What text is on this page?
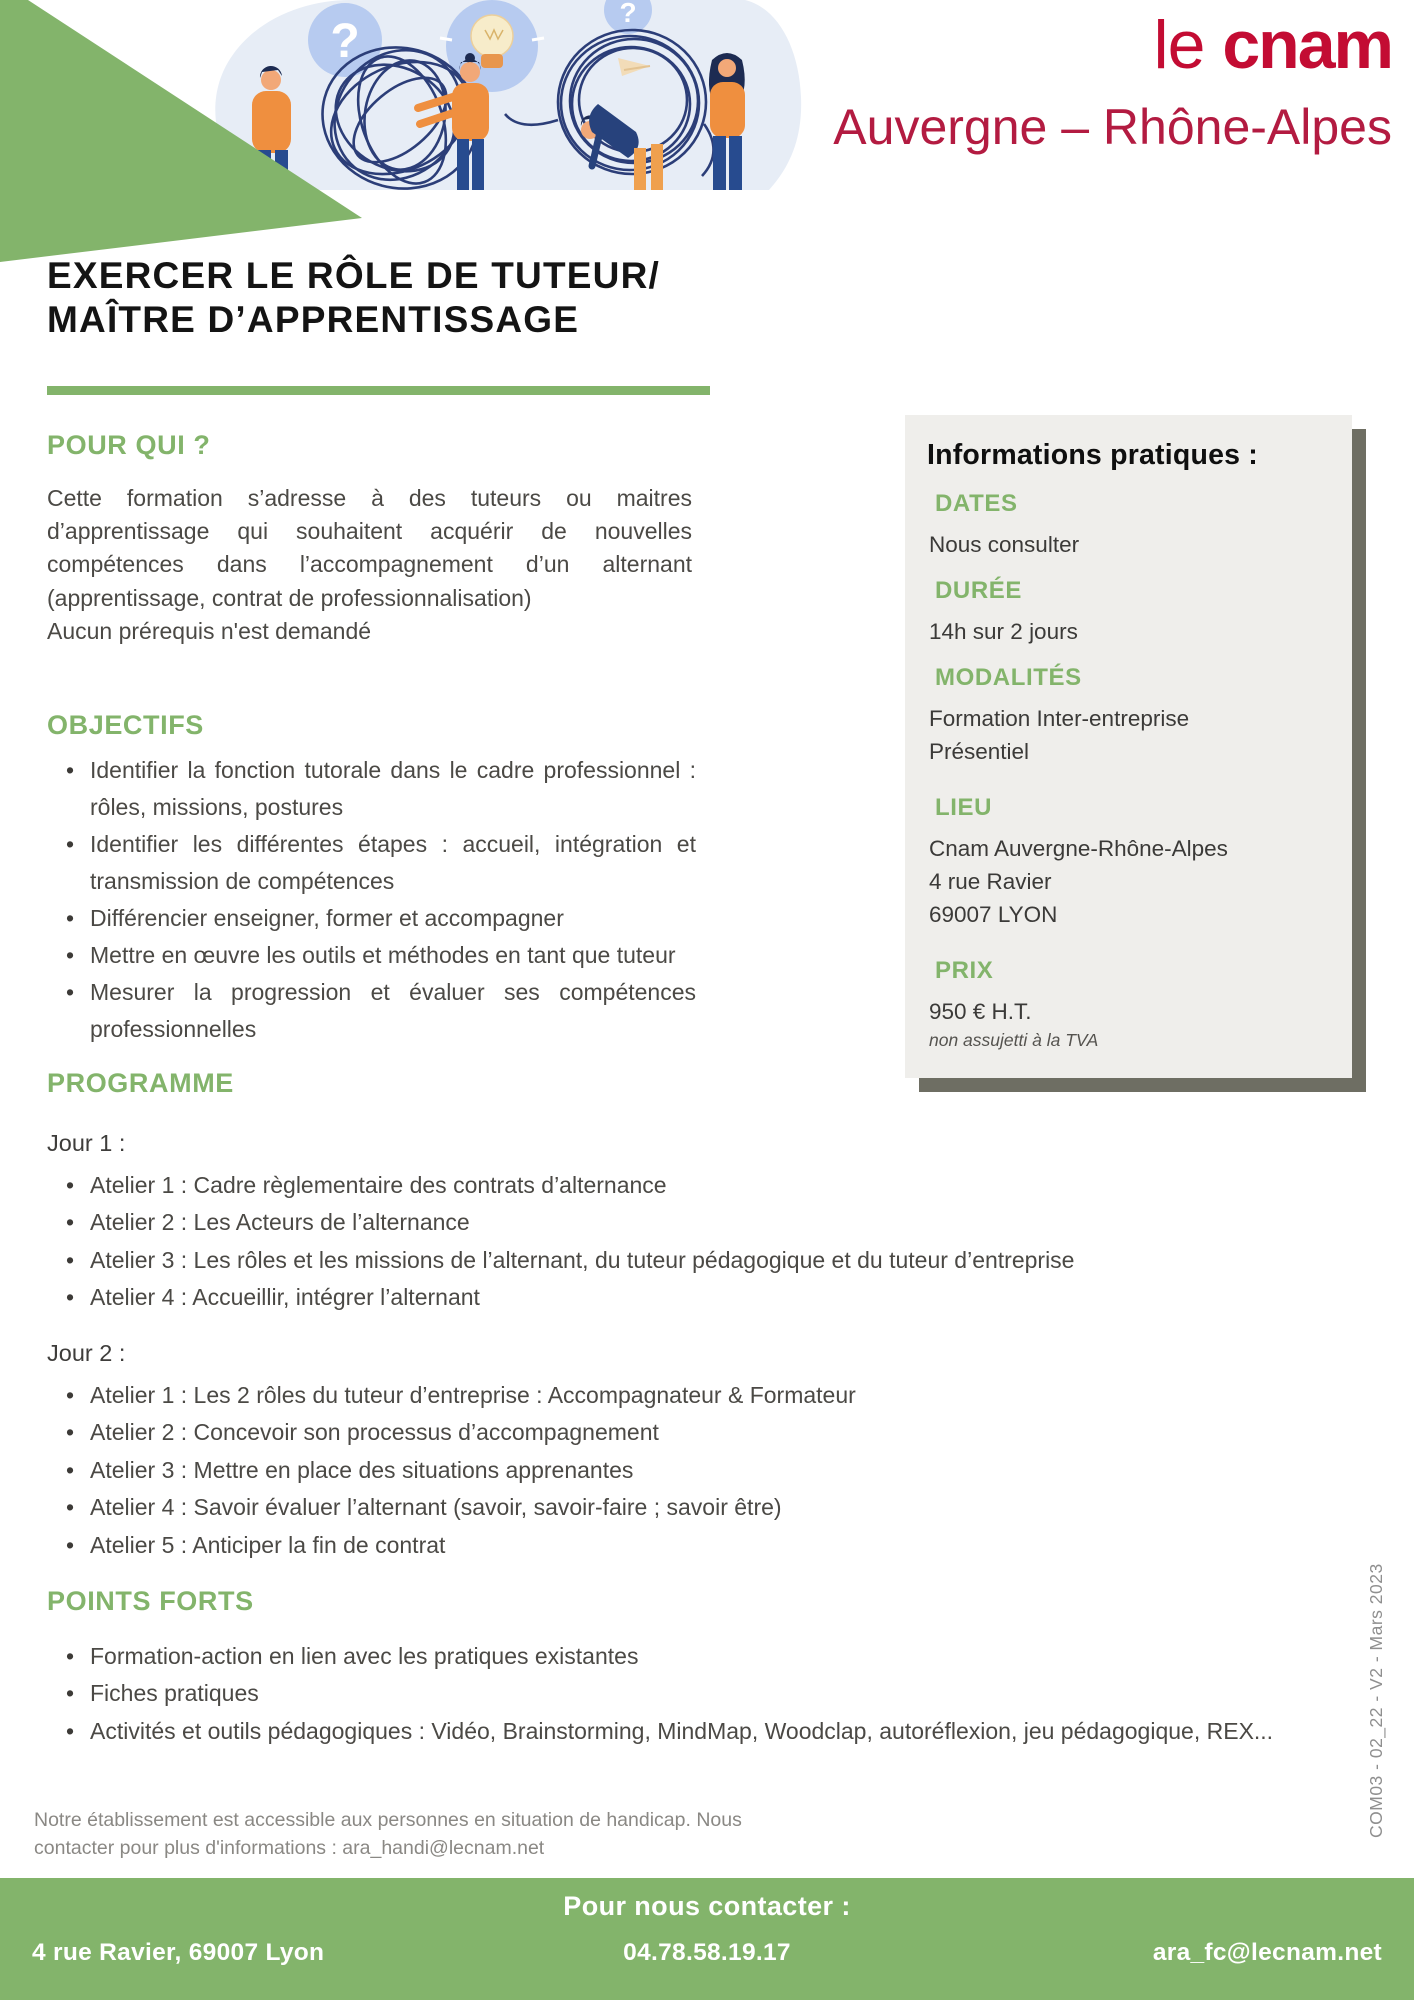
?
?	le cnam
Auvergne – Rhône-Alpes
EXERCER LE RÔLE DE TUTEUR/
MAÎTRE D’APPRENTISSAGE
POUR QUI ?
Cette formation s’adresse à des tuteurs ou maitres d’apprentissage qui souhaitent acquérir de nouvelles compétences dans l’accompagnement d’un alternant (apprentissage, contrat de professionnalisation)
Aucun prérequis n'est demandé
OBJECTIFS
• Identifier la fonction tutorale dans le cadre professionnel : rôles, missions, postures
• Identifier les différentes étapes : accueil, intégration et transmission de compétences
• Différencier enseigner, former et accompagner
• Mettre en œuvre les outils et méthodes en tant que tuteur
• Mesurer la progression et évaluer ses compétences professionnelles
PROGRAMME
Jour 1 :
• Atelier 1 : Cadre règlementaire des contrats d’alternance
• Atelier 2 : Les Acteurs de l’alternance
• Atelier 3 : Les rôles et les missions de l’alternant, du tuteur pédagogique et du tuteur d’entreprise
• Atelier 4 : Accueillir, intégrer l’alternant
Jour 2 :
• Atelier 1 : Les 2 rôles du tuteur d’entreprise : Accompagnateur & Formateur
• Atelier 2 : Concevoir son processus d’accompagnement
• Atelier 3 : Mettre en place des situations apprenantes
• Atelier 4 : Savoir évaluer l’alternant (savoir, savoir-faire ; savoir être)
• Atelier 5 : Anticiper la fin de contrat
POINTS FORTS
• Formation-action en lien avec les pratiques existantes
• Fiches pratiques
• Activités et outils pédagogiques : Vidéo, Brainstorming, MindMap, Woodclap, autoréflexion, jeu pédagogique, REX...
Informations pratiques :
DATES
Nous consulter
DURÉE
14h sur 2 jours
MODALITÉS
Formation Inter-entreprise
Présentiel
LIEU
Cnam Auvergne-Rhône-Alpes
4 rue Ravier
69007 LYON
PRIX
950 € H.T.
non assujetti à la TVA
COM03 - 02_22 - V2 - Mars 2023
Notre établissement est accessible aux personnes en situation de handicap. Nous contacter pour plus d'informations : ara_handi@lecnam.net
Pour nous contacter :
4 rue Ravier, 69007 Lyon	04.78.58.19.17	ara_fc@lecnam.net
